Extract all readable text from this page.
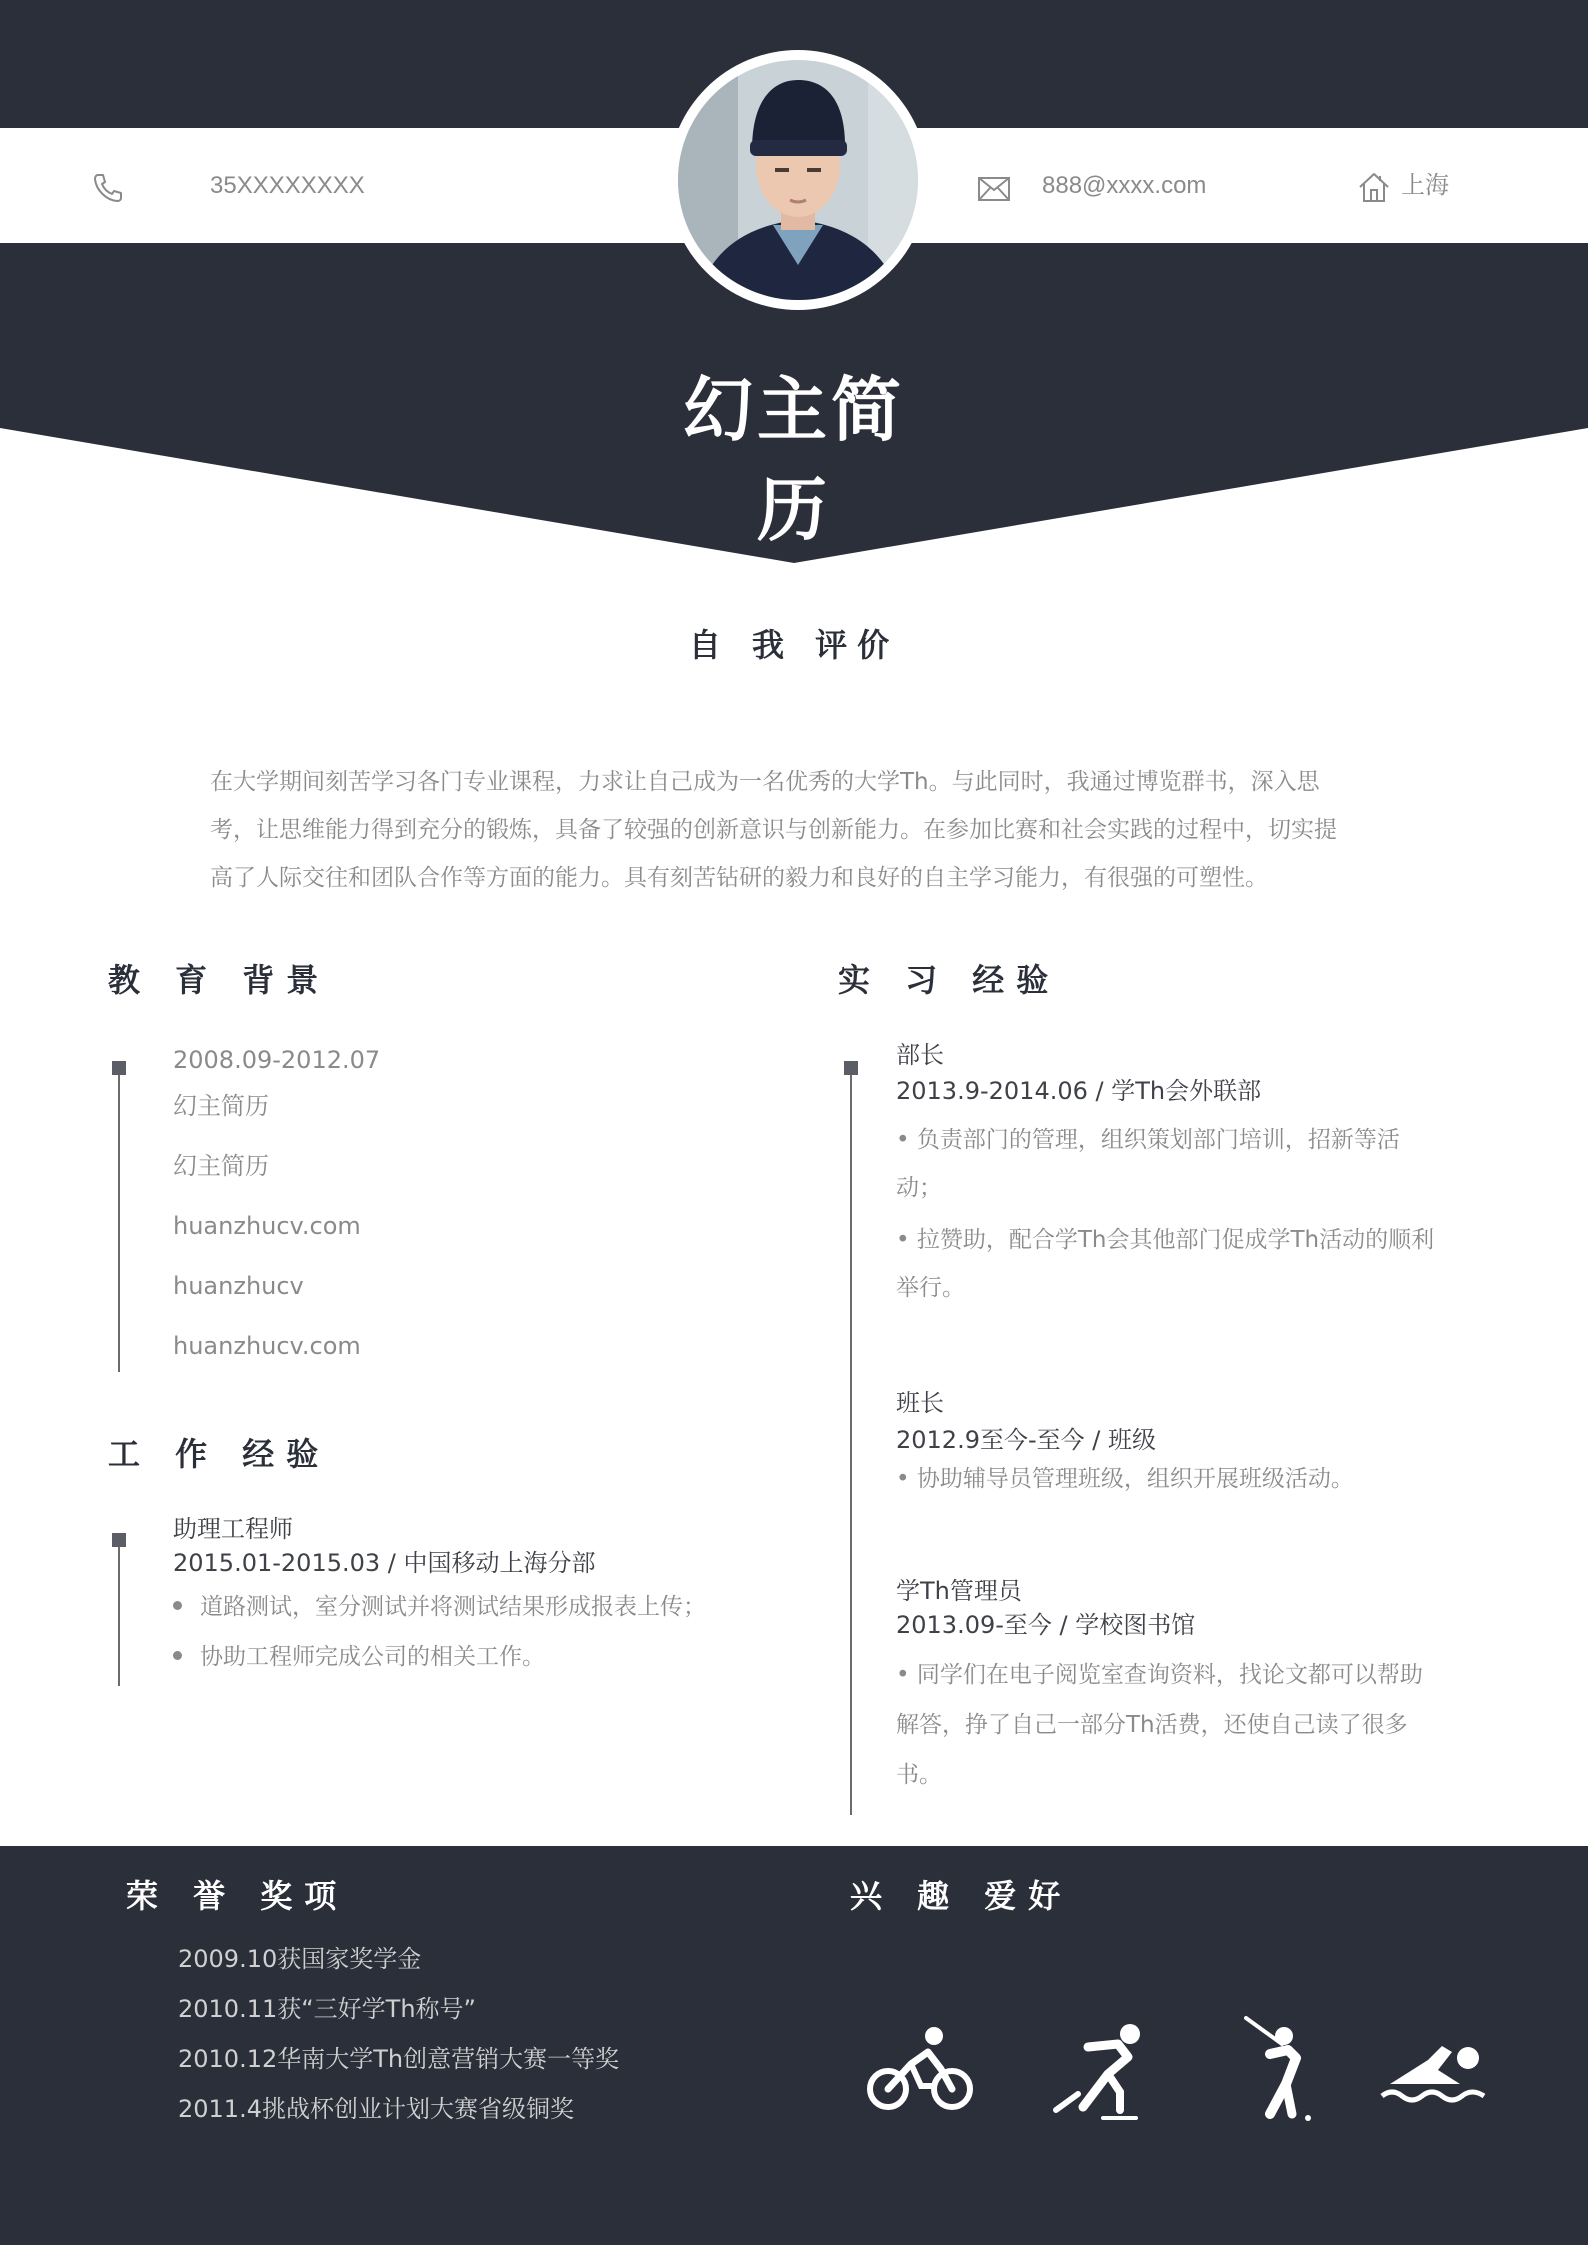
35XXXXXXXX	888@xxxx.com	上海
幻主简
历
自 我 评价
在大学期间刻苦学习各门专业课程，力求让自己成为一名优秀的大学Th。与此同时，我通过博览群书，深入思
考，让思维能力得到充分的锻炼，具备了较强的创新意识与创新能力。在参加比赛和社会实践的过程中，切实提
高了人际交往和团队合作等方面的能力。具有刻苦钻研的毅力和良好的自主学习能力，有很强的可塑性。
教 育 背景
2008.09-2012.07
幻主简历
幻主简历
huanzhucv.com
huanzhucv
huanzhucv.com
工 作 经验
助理工程师
2015.01-2015.03 / 中国移动上海分部
道路测试，室分测试并将测试结果形成报表上传；
协助工程师完成公司的相关工作。
实 习 经验
部长
2013.9-2014.06 / 学Th会外联部
• 负责部门的管理，组织策划部门培训，招新等活
动；
• 拉赞助，配合学Th会其他部门促成学Th活动的顺利
举行。
班长
2012.9至今-至今 / 班级
• 协助辅导员管理班级，组织开展班级活动。
学Th管理员
2013.09-至今 / 学校图书馆
• 同学们在电子阅览室查询资料，找论文都可以帮助
解答，挣了自己一部分Th活费，还使自己读了很多
书。
荣 誉 奖项
2009.10获国家奖学金
2010.11获“三好学Th称号”
2010.12华南大学Th创意营销大赛一等奖
2011.4挑战杯创业计划大赛省级铜奖
兴 趣 爱好
